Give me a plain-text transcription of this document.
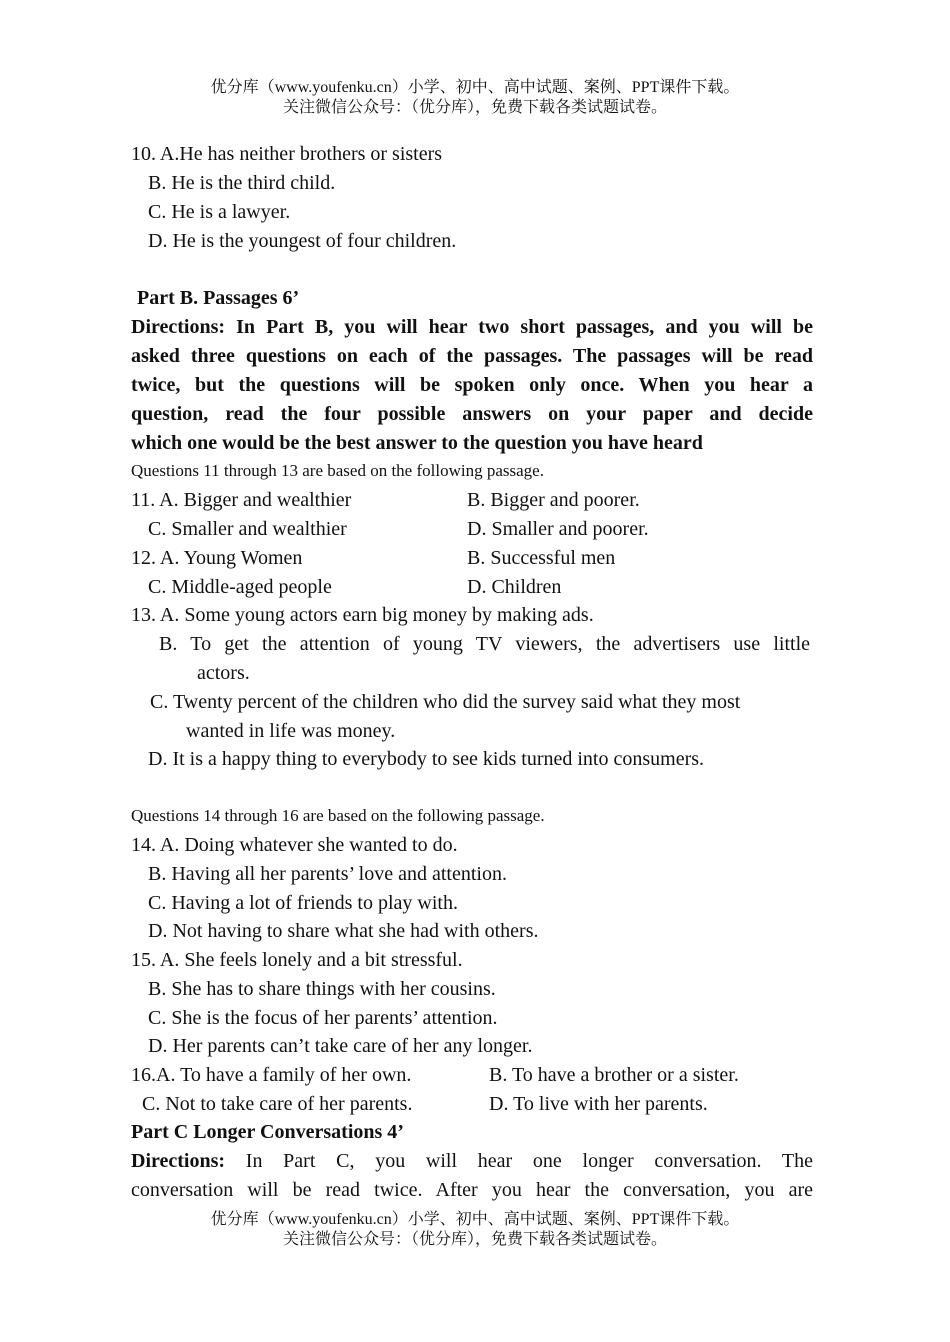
优分库（www.youfenku.cn）小学、初中、高中试题、案例、PPT课件下载。
关注微信公众号：（优分库），免费下载各类试题试卷。
10. A.He has neither brothers or sisters
B. He is the third child.
C. He is a lawyer.
D. He is the youngest of four children.
Part B. Passages 6’
Directions: In Part B, you will hear two short passages, and you will be
asked three questions on each of the passages. The passages will be read
twice, but the questions will be spoken only once. When you hear a
question, read the four possible answers on your paper and decide
which one would be the best answer to the question you have heard
Questions 11 through 13 are based on the following passage.
11. A. Bigger and wealthier	B. Bigger and poorer.
C. Smaller and wealthier	D. Smaller and poorer.
12. A. Young Women	B. Successful men
C. Middle-aged people	D. Children
13. A. Some young actors earn big money by making ads.
B. To get the attention of young TV viewers, the advertisers use little
actors.
C. Twenty percent of the children who did the survey said what they most
wanted in life was money.
D. It is a happy thing to everybody to see kids turned into consumers.
Questions 14 through 16 are based on the following passage.
14. A. Doing whatever she wanted to do.
B. Having all her parents’ love and attention.
C. Having a lot of friends to play with.
D. Not having to share what she had with others.
15. A. She feels lonely and a bit stressful.
B. She has to share things with her cousins.
C. She is the focus of her parents’ attention.
D. Her parents can’t take care of her any longer.
16.A. To have a family of her own.	B. To have a brother or a sister.
C. Not to take care of her parents.	D. To live with her parents.
Part C Longer Conversations 4’
Directions: In Part C, you will hear one longer conversation. The
conversation will be read twice. After you hear the conversation, you are
优分库（www.youfenku.cn）小学、初中、高中试题、案例、PPT课件下载。
关注微信公众号：（优分库），免费下载各类试题试卷。
